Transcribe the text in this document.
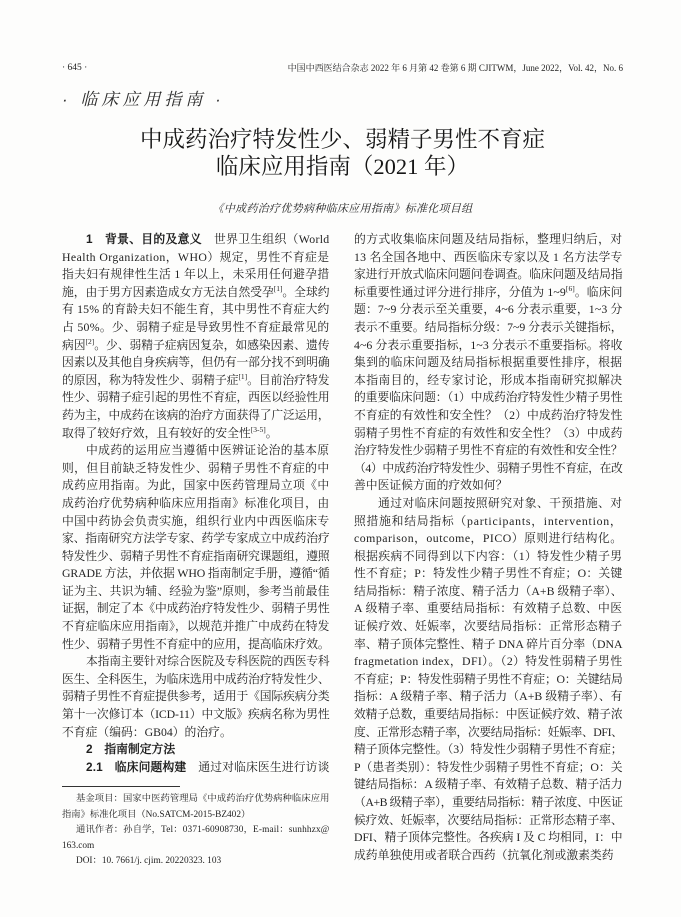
· 645 ·	中国中西医结合杂志 2022 年 6 月第 42 卷第 6 期 CJITWM，June 2022，Vol. 42，No. 6
· 临床应用指南 ·
中成药治疗特发性少、弱精子男性不育症
临床应用指南（2021 年）
《中成药治疗优势病种临床应用指南》标准化项目组
1　背景、目的及意义　世界卫生组织（World
Health Organization，WHO）规定，男性不育症是
指夫妇有规律性生活 1 年以上，未采用任何避孕措
施，由于男方因素造成女方无法自然受孕[1]。全球约
有 15% 的育龄夫妇不能生育，其中男性不育症大约
占 50%。少、弱精子症是导致男性不育症最常见的
病因[2]。少、弱精子症病因复杂，如感染因素、遗传
因素以及其他自身疾病等，但仍有一部分找不到明确
的原因，称为特发性少、弱精子症[1]。目前治疗特发
性少、弱精子症引起的男性不育症，西医以经验性用
药为主，中成药在该病的治疗方面获得了广泛运用，
取得了较好疗效，且有较好的安全性[3-5]。
中成药的运用应当遵循中医辨证论治的基本原
则，但目前缺乏特发性少、弱精子男性不育症的中
成药应用指南。为此，国家中医药管理局立项《中
成药治疗优势病种临床应用指南》标准化项目，由
中国中药协会负责实施，组织行业内中西医临床专
家、指南研究方法学专家、药学专家成立中成药治疗
特发性少、弱精子男性不育症指南研究课题组，遵照
GRADE 方法，并依据 WHO 指南制定手册，遵循“循
证为主、共识为辅、经验为鉴”原则，参考当前最佳
证据，制定了本《中成药治疗特发性少、弱精子男性
不育症临床应用指南》，以规范并推广中成药在特发
性少、弱精子男性不育症中的应用，提高临床疗效。
本指南主要针对综合医院及专科医院的西医专科
医生、全科医生，为临床选用中成药治疗特发性少、
弱精子男性不育症提供参考，适用于《国际疾病分类
第十一次修订本（ICD-11）中文版》疾病名称为男性
不育症（编码：GB04）的治疗。
2　指南制定方法
2.1　临床问题构建　通过对临床医生进行访谈
的方式收集临床问题及结局指标，整理归纳后，对
13 名全国各地中、西医临床专家以及 1 名方法学专
家进行开放式临床问题问卷调查。临床问题及结局指
标重要性通过评分进行排序，分值为 1~9[6]。临床问
题：7~9 分表示至关重要，4~6 分表示重要，1~3 分
表示不重要。结局指标分级：7~9 分表示关键指标，
4~6 分表示重要指标，1~3 分表示不重要指标。将收
集到的临床问题及结局指标根据重要性排序，根据
本指南目的，经专家讨论，形成本指南研究拟解决
的重要临床问题：（1）中成药治疗特发性少精子男性
不育症的有效性和安全性？（2）中成药治疗特发性
弱精子男性不育症的有效性和安全性？（3）中成药
治疗特发性少弱精子男性不育症的有效性和安全性？
（4）中成药治疗特发性少、弱精子男性不育症，在改
善中医证候方面的疗效如何？
通过对临床问题按照研究对象、干预措施、对
照措施和结局指标（participants，intervention，
comparison，outcome，PICO）原则进行结构化。
根据疾病不同得到以下内容：（1）特发性少精子男
性不育症；P：特发性少精子男性不育症；O：关键
结局指标：精子浓度、精子活力（A+B 级精子率）、
A 级精子率、重要结局指标：有效精子总数、中医
证候疗效、妊娠率，次要结局指标：正常形态精子
率、精子顶体完整性、精子 DNA 碎片百分率（DNA
fragmetation index，DFI）。（2）特发性弱精子男性
不育症；P：特发性弱精子男性不育症；O：关键结局
指标：A 级精子率、精子活力（A+B 级精子率）、有
效精子总数，重要结局指标：中医证候疗效、精子浓
度、正常形态精子率，次要结局指标：妊娠率、DFI、
精子顶体完整性。（3）特发性少弱精子男性不育症；
P（患者类别）：特发性少弱精子男性不育症；O：关
键结局指标：A 级精子率、有效精子总数、精子活力
（A+B 级精子率），重要结局指标：精子浓度、中医证
候疗效、妊娠率，次要结局指标：正常形态精子率、
DFI、精子顶体完整性。各疾病 I 及 C 均相同，I：中
成药单独使用或者联合西药（抗氧化剂或激素类药
基金项目：国家中医药管理局《中成药治疗优势病种临床应用
指南》标准化项目（No.SATCM-2015-BZ402）
通讯作者：孙自学，Tel：0371-60908730，E-mail：sunhhzx@
163.com
DOI：10. 7661/j. cjim. 20220323. 103
